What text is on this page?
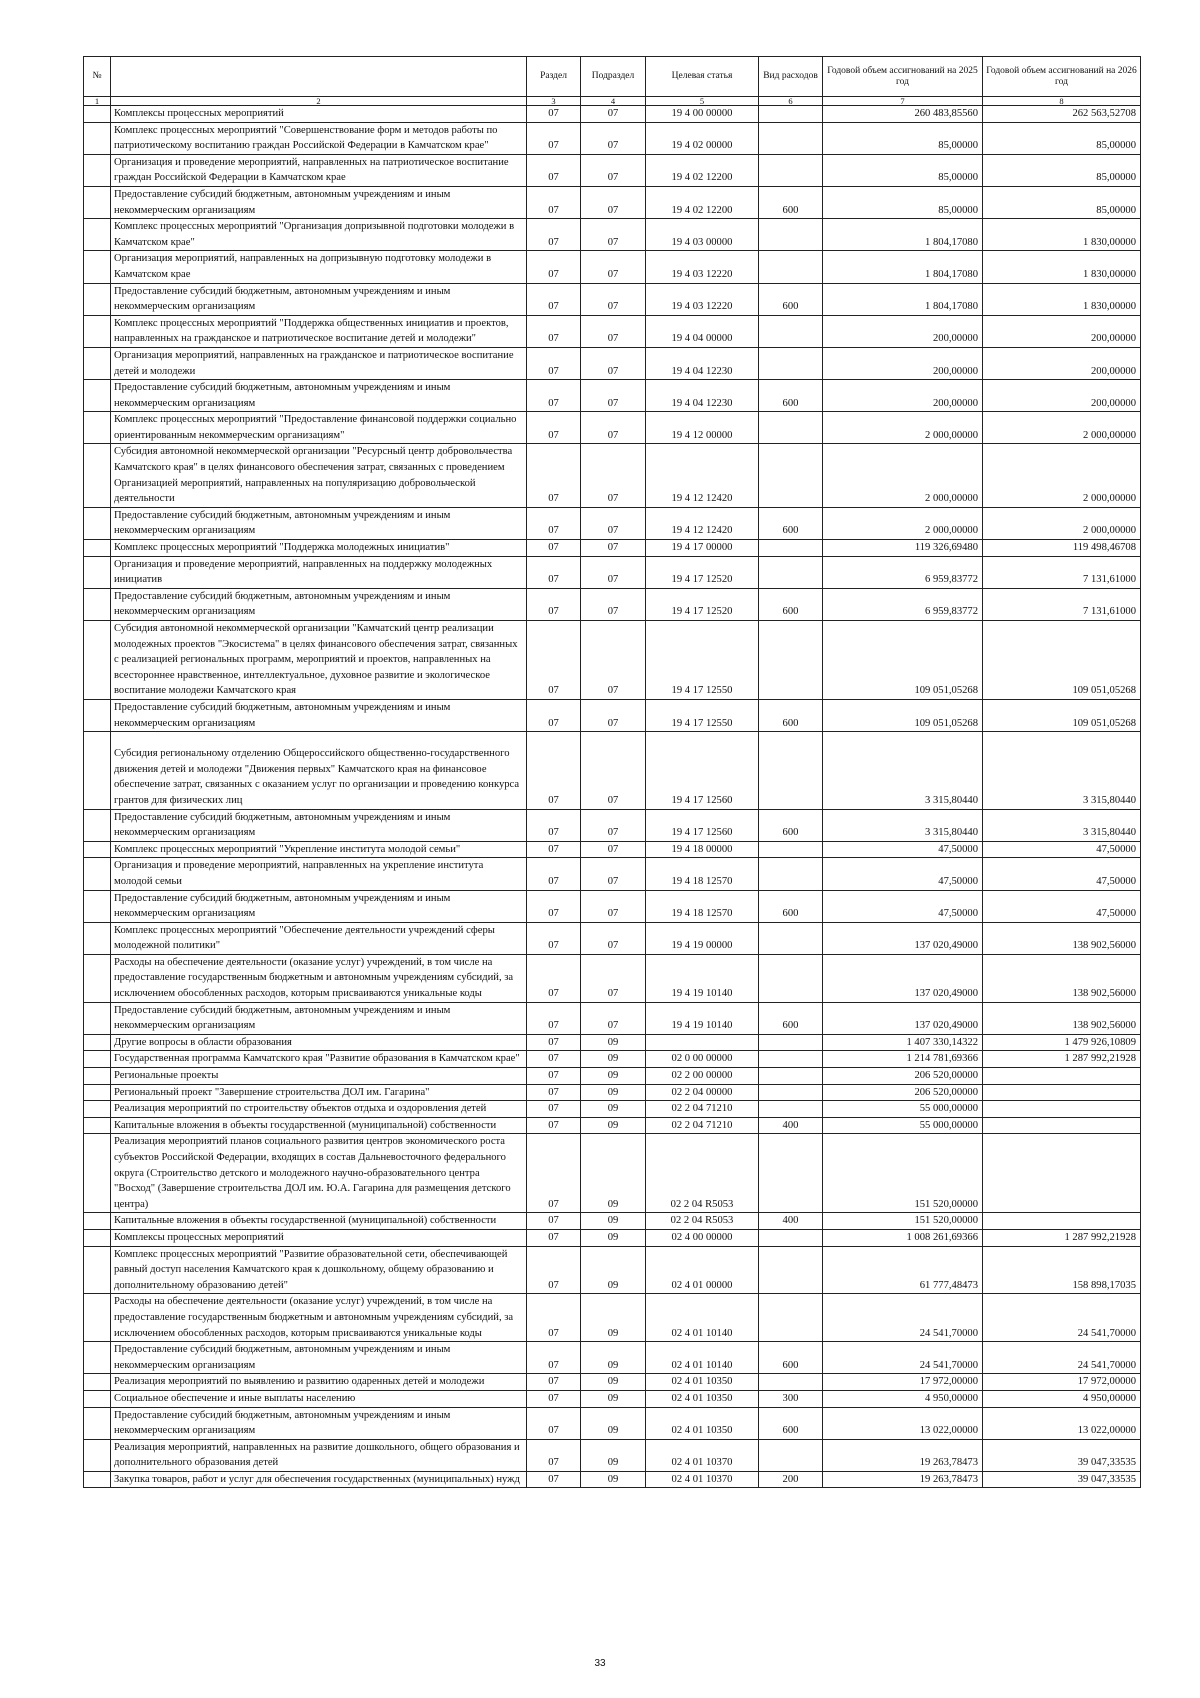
№		Раздел	Подраздел	Целевая статья	Вид расходов	Годовой объем ассигнований на 2025 год	Годовой объем ассигнований на 2026 год
1	2	3	4	5	6	7	8
	Комплексы процессных мероприятий	07	07	19 4 00 00000		260 483,85560	262 563,52708
	Комплекс процессных мероприятий "Совершенствование форм и методов работы по патриотическому воспитанию граждан Российской Федерации в Камчатском крае"	07	07	19 4 02 00000		85,00000	85,00000
	Организация и проведение мероприятий, направленных на патриотическое воспитание граждан Российской Федерации в Камчатском крае	07	07	19 4 02 12200		85,00000	85,00000
	Предоставление субсидий бюджетным, автономным учреждениям и иным некоммерческим организациям	07	07	19 4 02 12200	600	85,00000	85,00000
	Комплекс процессных мероприятий "Организация допризывной подготовки молодежи в Камчатском крае"	07	07	19 4 03 00000		1 804,17080	1 830,00000
	Организация мероприятий, направленных на допризывную подготовку молодежи в Камчатском крае	07	07	19 4 03 12220		1 804,17080	1 830,00000
	Предоставление субсидий бюджетным, автономным учреждениям и иным некоммерческим организациям	07	07	19 4 03 12220	600	1 804,17080	1 830,00000
	Комплекс процессных мероприятий "Поддержка общественных инициатив и проектов, направленных на гражданское и патриотическое воспитание детей и молодежи"	07	07	19 4 04 00000		200,00000	200,00000
	Организация мероприятий, направленных на гражданское и патриотическое воспитание детей и молодежи	07	07	19 4 04 12230		200,00000	200,00000
	Предоставление субсидий бюджетным, автономным учреждениям и иным некоммерческим организациям	07	07	19 4 04 12230	600	200,00000	200,00000
	Комплекс процессных мероприятий "Предоставление финансовой поддержки социально ориентированным некоммерческим организациям"	07	07	19 4 12 00000		2 000,00000	2 000,00000
	Субсидия автономной некоммерческой организации "Ресурсный центр добровольчества Камчатского края" в целях финансового обеспечения затрат, связанных с проведением Организацией мероприятий, направленных на популяризацию добровольческой деятельности	07	07	19 4 12 12420		2 000,00000	2 000,00000
	Предоставление субсидий бюджетным, автономным учреждениям и иным некоммерческим организациям	07	07	19 4 12 12420	600	2 000,00000	2 000,00000
	Комплекс процессных мероприятий "Поддержка молодежных инициатив"	07	07	19 4 17 00000		119 326,69480	119 498,46708
	Организация и проведение мероприятий, направленных на поддержку молодежных инициатив	07	07	19 4 17 12520		6 959,83772	7 131,61000
	Предоставление субсидий бюджетным, автономным учреждениям и иным некоммерческим организациям	07	07	19 4 17 12520	600	6 959,83772	7 131,61000
	Субсидия автономной некоммерческой организации "Камчатский центр реализации молодежных проектов "Экосистема" в целях финансового обеспечения затрат, связанных с реализацией региональных программ, мероприятий и проектов, направленных на всестороннее нравственное, интеллектуальное, духовное развитие и экологическое воспитание молодежи Камчатского края	07	07	19 4 17 12550		109 051,05268	109 051,05268
	Предоставление субсидий бюджетным, автономным учреждениям и иным некоммерческим организациям	07	07	19 4 17 12550	600	109 051,05268	109 051,05268
	Субсидия региональному отделению Общероссийского общественно-государственного движения детей и молодежи "Движения первых" Камчатского края на финансовое обеспечение затрат, связанных с оказанием услуг по организации и проведению конкурса грантов для физических лиц	07	07	19 4 17 12560		3 315,80440	3 315,80440
	Предоставление субсидий бюджетным, автономным учреждениям и иным некоммерческим организациям	07	07	19 4 17 12560	600	3 315,80440	3 315,80440
	Комплекс процессных мероприятий "Укрепление института молодой семьи"	07	07	19 4 18 00000		47,50000	47,50000
	Организация и проведение мероприятий, направленных на укрепление института молодой семьи	07	07	19 4 18 12570		47,50000	47,50000
	Предоставление субсидий бюджетным, автономным учреждениям и иным некоммерческим организациям	07	07	19 4 18 12570	600	47,50000	47,50000
	Комплекс процессных мероприятий "Обеспечение деятельности учреждений сферы молодежной политики"	07	07	19 4 19 00000		137 020,49000	138 902,56000
	Расходы на обеспечение деятельности (оказание услуг) учреждений, в том числе на предоставление государственным бюджетным и автономным учреждениям субсидий, за исключением обособленных расходов, которым присваиваются уникальные коды	07	07	19 4 19 10140		137 020,49000	138 902,56000
	Предоставление субсидий бюджетным, автономным учреждениям и иным некоммерческим организациям	07	07	19 4 19 10140	600	137 020,49000	138 902,56000
	Другие вопросы в области образования	07	09			1 407 330,14322	1 479 926,10809
	Государственная программа Камчатского края "Развитие образования в Камчатском крае"	07	09	02 0 00 00000		1 214 781,69366	1 287 992,21928
	Региональные проекты	07	09	02 2 00 00000		206 520,00000	
	Региональный проект "Завершение строительства ДОЛ им. Гагарина"	07	09	02 2 04 00000		206 520,00000	
	Реализация мероприятий по строительству объектов отдыха и оздоровления детей	07	09	02 2 04 71210		55 000,00000	
	Капитальные вложения в объекты государственной (муниципальной) собственности	07	09	02 2 04 71210	400	55 000,00000	
	Реализация мероприятий планов социального развития центров экономического роста субъектов Российской Федерации, входящих в состав Дальневосточного федерального округа (Строительство детского и молодежного научно-образовательного центра "Восход" (Завершение строительства ДОЛ им. Ю.А. Гагарина для размещения детского центра)	07	09	02 2 04 R5053		151 520,00000	
	Капитальные вложения в объекты государственной (муниципальной) собственности	07	09	02 2 04 R5053	400	151 520,00000	
	Комплексы процессных мероприятий	07	09	02 4 00 00000		1 008 261,69366	1 287 992,21928
	Комплекс процессных мероприятий "Развитие образовательной сети, обеспечивающей равный доступ населения Камчатского края к дошкольному, общему образованию и дополнительному образованию детей"	07	09	02 4 01 00000		61 777,48473	158 898,17035
	Расходы на обеспечение деятельности (оказание услуг) учреждений, в том числе на предоставление государственным бюджетным и автономным учреждениям субсидий, за исключением обособленных расходов, которым присваиваются уникальные коды	07	09	02 4 01 10140		24 541,70000	24 541,70000
	Предоставление субсидий бюджетным, автономным учреждениям и иным некоммерческим организациям	07	09	02 4 01 10140	600	24 541,70000	24 541,70000
	Реализация мероприятий по выявлению и развитию одаренных детей и молодежи	07	09	02 4 01 10350		17 972,00000	17 972,00000
	Социальное обеспечение и иные выплаты населению	07	09	02 4 01 10350	300	4 950,00000	4 950,00000
	Предоставление субсидий бюджетным, автономным учреждениям и иным некоммерческим организациям	07	09	02 4 01 10350	600	13 022,00000	13 022,00000
	Реализация мероприятий, направленных на развитие дошкольного, общего образования и дополнительного образования детей	07	09	02 4 01 10370		19 263,78473	39 047,33535
	Закупка товаров, работ и услуг для обеспечения государственных (муниципальных) нужд	07	09	02 4 01 10370	200	19 263,78473	39 047,33535
33
